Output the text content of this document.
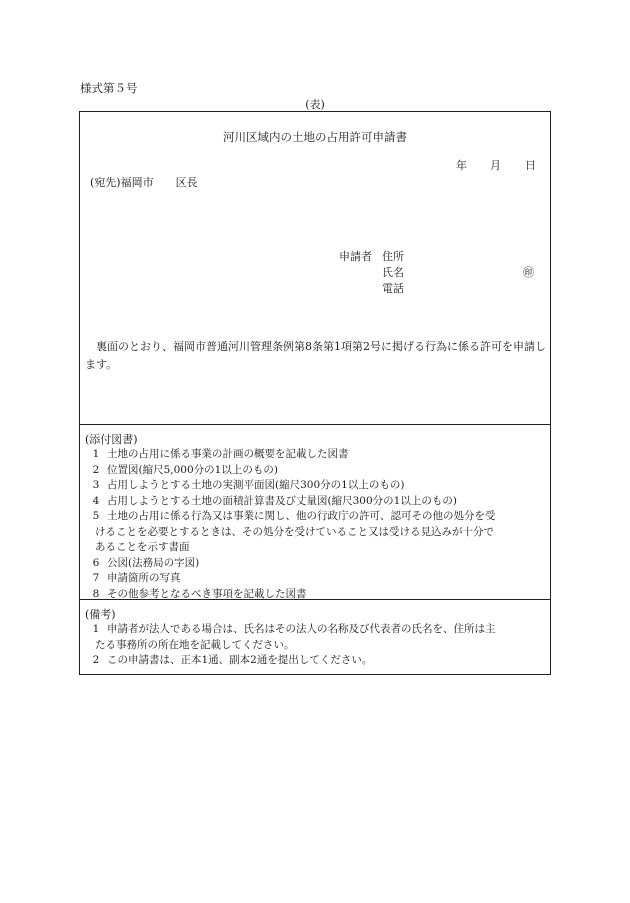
様式第５号
(表)
河川区域内の土地の占用許可申請書
年 月 日
(宛先)福岡市　　区長
申請者 住所
氏名	㊞
電話
裏面のとおり、福岡市普通河川管理条例第8条第1項第2号に掲げる行為に係る許可を申請します。
(添付図書)
1 土地の占用に係る事業の計画の概要を記載した図書
2 位置図(縮尺5,000分の1以上のもの)
3 占用しようとする土地の実測平面図(縮尺300分の1以上のもの)
4 占用しようとする土地の面積計算書及び丈量図(縮尺300分の1以上のもの)
5 土地の占用に係る行為又は事業に関し、他の行政庁の許可、認可その他の処分を受
けることを必要とするときは、その処分を受けていること又は受ける見込みが十分で
あることを示す書面
6 公図(法務局の字図)
7 申請箇所の写真
8 その他参考となるべき事項を記載した図書
(備考)
1 申請者が法人である場合は、氏名はその法人の名称及び代表者の氏名を、住所は主
たる事務所の所在地を記載してください。
2 この申請書は、正本1通、副本2通を提出してください。
